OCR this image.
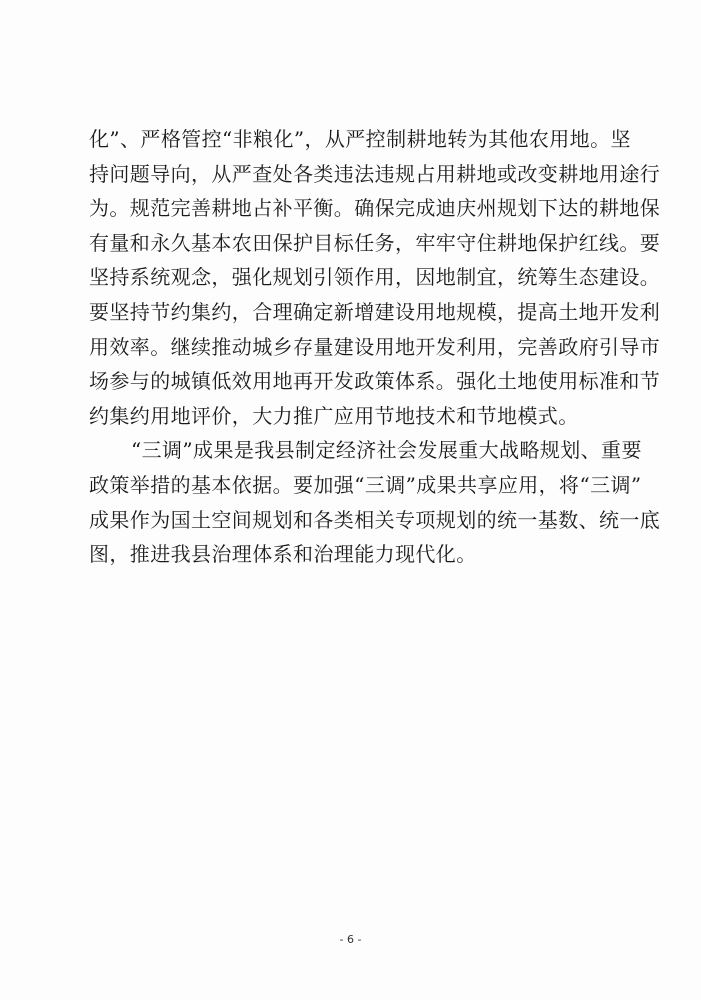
化”、严格管控“非粮化”，从严控制耕地转为其他农用地。坚
持问题导向，从严查处各类违法违规占用耕地或改变耕地用途行
为。规范完善耕地占补平衡。确保完成迪庆州规划下达的耕地保
有量和永久基本农田保护目标任务，牢牢守住耕地保护红线。要
坚持系统观念，强化规划引领作用，因地制宜，统筹生态建设。
要坚持节约集约，合理确定新增建设用地规模，提高土地开发利
用效率。继续推动城乡存量建设用地开发利用，完善政府引导市
场参与的城镇低效用地再开发政策体系。强化土地使用标准和节
约集约用地评价，大力推广应用节地技术和节地模式。
“三调”成果是我县制定经济社会发展重大战略规划、重要
政策举措的基本依据。要加强“三调”成果共享应用，将“三调”
成果作为国土空间规划和各类相关专项规划的统一基数、统一底
图，推进我县治理体系和治理能力现代化。
- 6 -
